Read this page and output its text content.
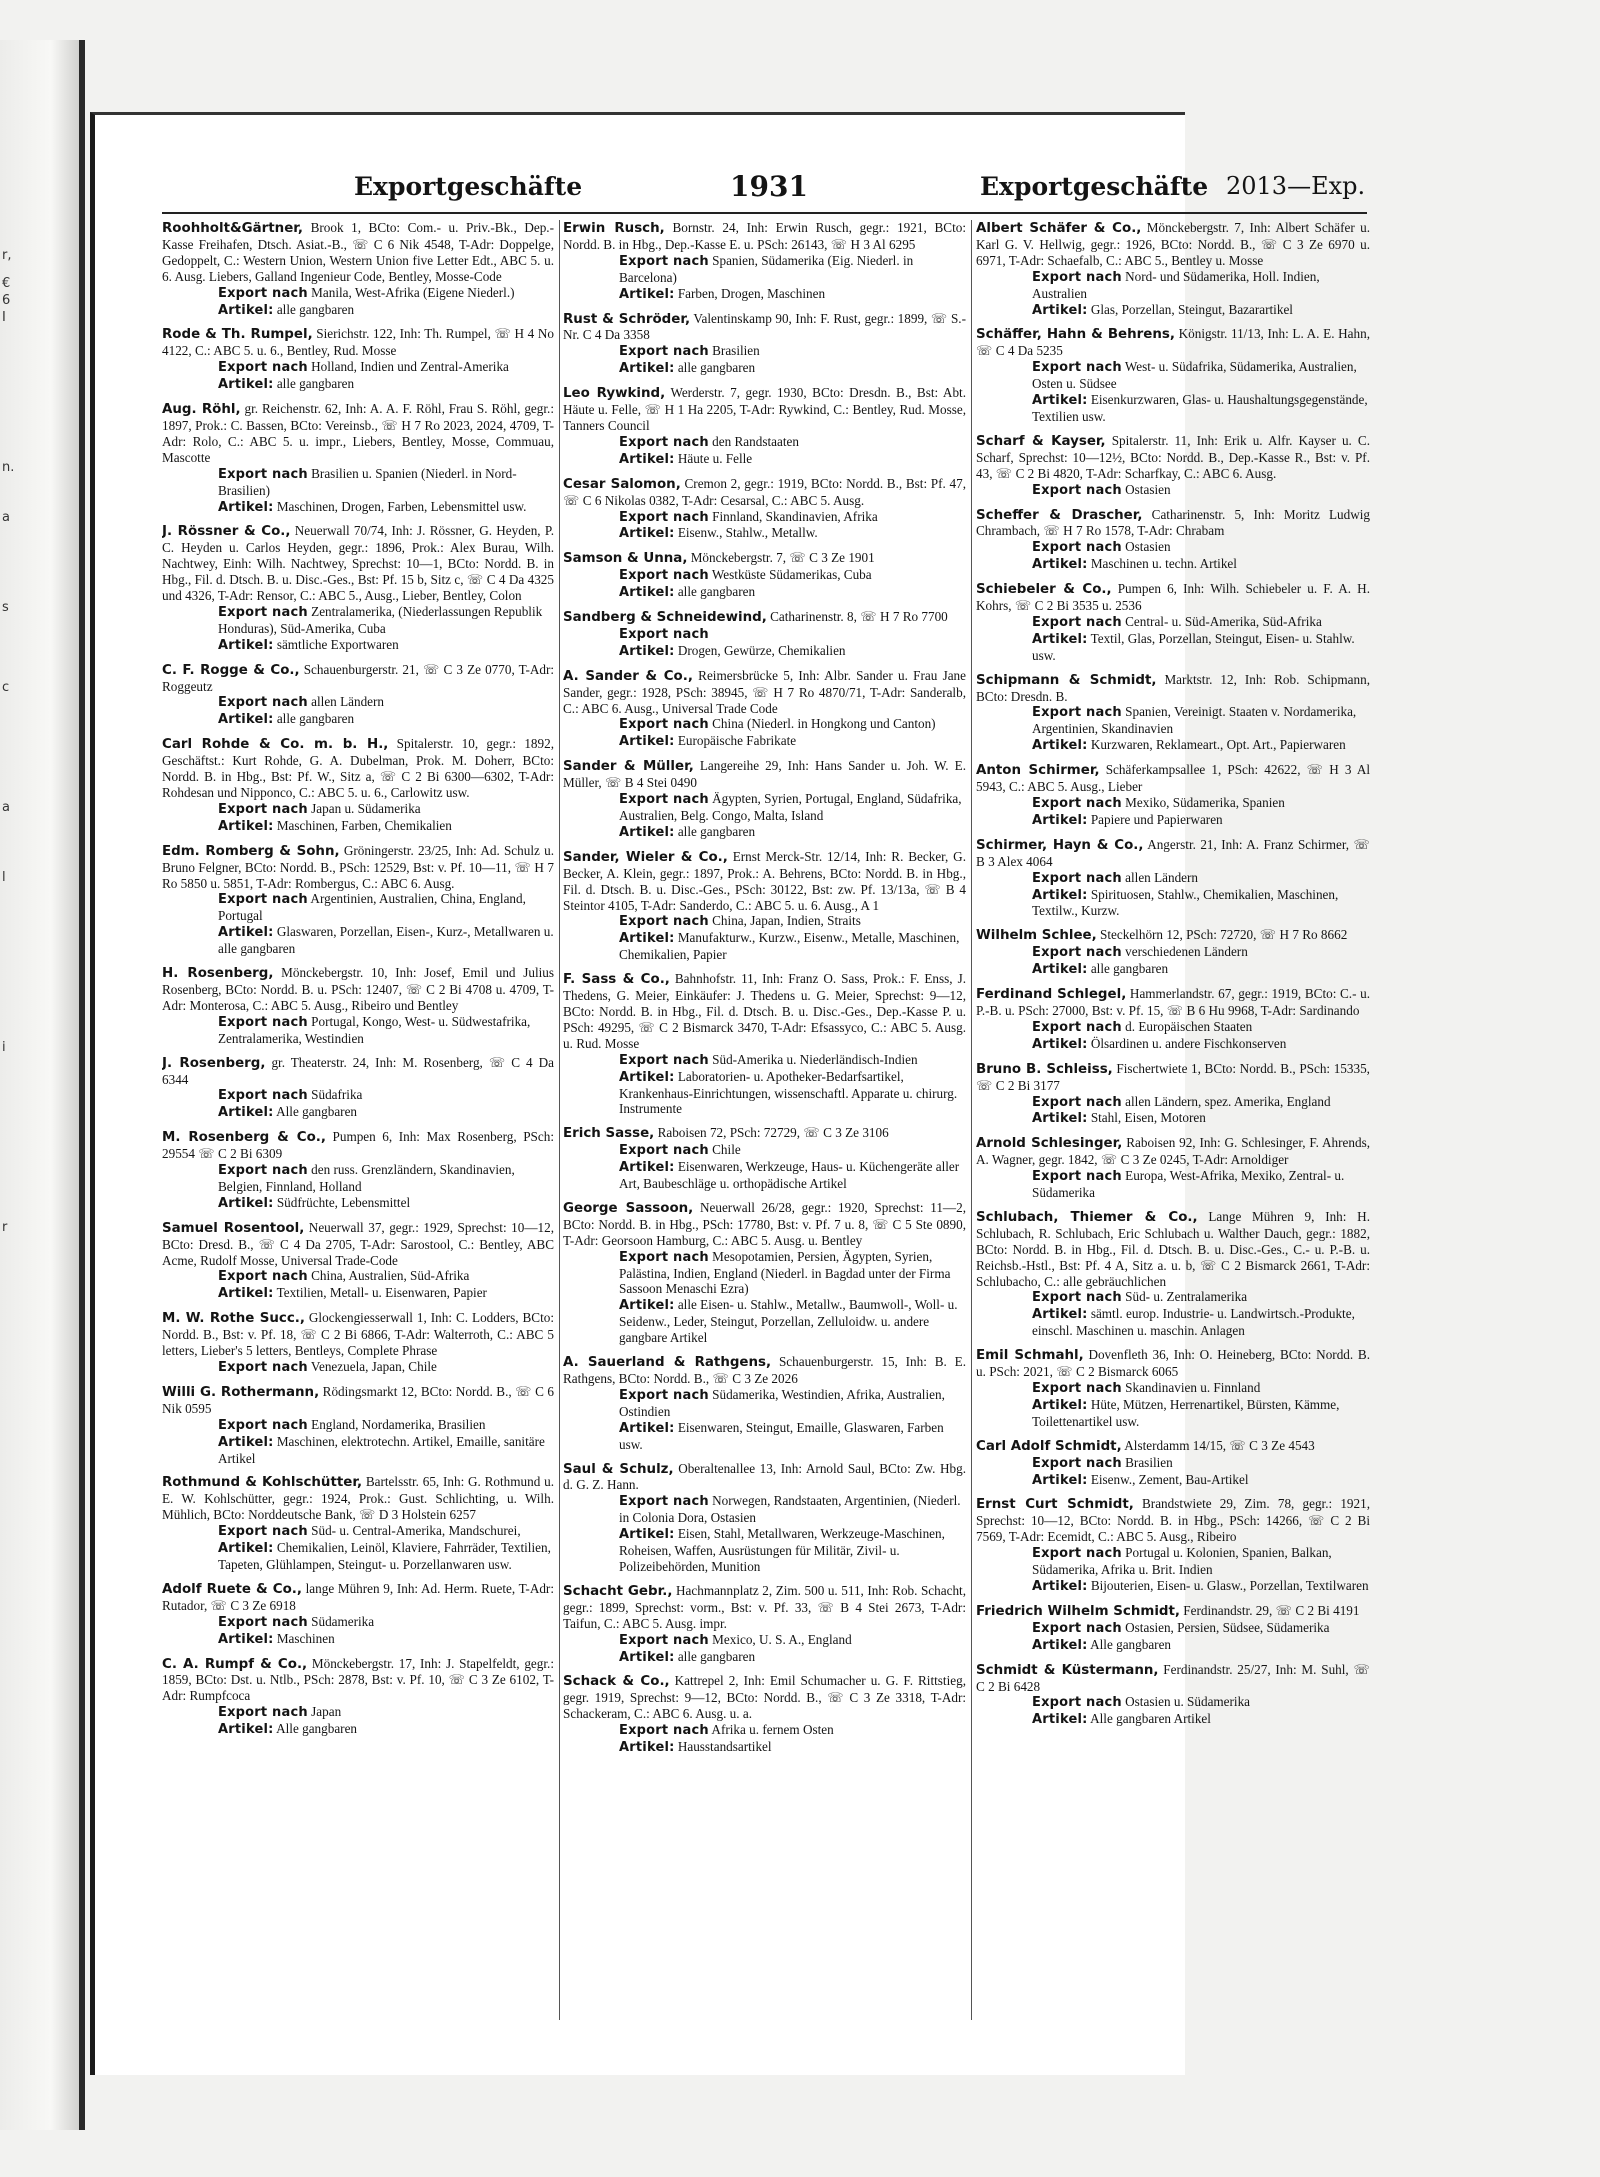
r,
€
6
I
n.
a
s
c
a
l
i
r
Exportgeschäfte	1931	Exportgeschäfte 2013—Exp.
Roohholt&Gärtner, Brook 1, BCto: Com.- u. Priv.-Bk., Dep.-Kasse Freihafen, Dtsch. Asiat.-B., ☏ C 6 Nik 4548, T-Adr: Doppelge, Gedoppelt, C.: Western Union, Western Union five Letter Edt., ABC 5. u. 6. Ausg. Liebers, Galland Ingenieur Code, Bentley, Mosse-Code
Export nach Manila, West-Afrika (Eigene Niederl.)
Artikel: alle gangbaren
Rode & Th. Rumpel, Sierichstr. 122, Inh: Th. Rumpel, ☏ H 4 No 4122, C.: ABC 5. u. 6., Bentley, Rud. Mosse
Export nach Holland, Indien und Zentral-Amerika
Artikel: alle gangbaren
Aug. Röhl, gr. Reichenstr. 62, Inh: A. A. F. Röhl, Frau S. Röhl, gegr.: 1897, Prok.: C. Bassen, BCto: Vereinsb., ☏ H 7 Ro 2023, 2024, 4709, T-Adr: Rolo, C.: ABC 5. u. impr., Liebers, Bentley, Mosse, Commuau, Mascotte
Export nach Brasilien u. Spanien (Niederl. in Nord-Brasilien)
Artikel: Maschinen, Drogen, Farben, Lebensmittel usw.
J. Rössner & Co., Neuerwall 70/74, Inh: J. Rössner, G. Heyden, P. C. Heyden u. Carlos Heyden, gegr.: 1896, Prok.: Alex Burau, Wilh. Nachtwey, Einh: Wilh. Nachtwey, Sprechst: 10—1, BCto: Nordd. B. in Hbg., Fil. d. Dtsch. B. u. Disc.-Ges., Bst: Pf. 15 b, Sitz c, ☏ C 4 Da 4325 und 4326, T-Adr: Rensor, C.: ABC 5., Ausg., Lieber, Bentley, Colon
Export nach Zentralamerika, (Niederlassungen Republik Honduras), Süd-Amerika, Cuba
Artikel: sämtliche Exportwaren
C. F. Rogge & Co., Schauenburgerstr. 21, ☏ C 3 Ze 0770, T-Adr: Roggeutz
Export nach allen Ländern
Artikel: alle gangbaren
Carl Rohde & Co. m. b. H., Spitalerstr. 10, gegr.: 1892, Geschäftst.: Kurt Rohde, G. A. Dubelman, Prok. M. Doherr, BCto: Nordd. B. in Hbg., Bst: Pf. W., Sitz a, ☏ C 2 Bi 6300—6302, T-Adr: Rohdesan und Nipponco, C.: ABC 5. u. 6., Carlowitz usw.
Export nach Japan u. Südamerika
Artikel: Maschinen, Farben, Chemikalien
Edm. Romberg & Sohn, Gröningerstr. 23/25, Inh: Ad. Schulz u. Bruno Felgner, BCto: Nordd. B., PSch: 12529, Bst: v. Pf. 10—11, ☏ H 7 Ro 5850 u. 5851, T-Adr: Rombergus, C.: ABC 6. Ausg.
Export nach Argentinien, Australien, China, England, Portugal
Artikel: Glaswaren, Porzellan, Eisen-, Kurz-, Metallwaren u. alle gangbaren
H. Rosenberg, Mönckebergstr. 10, Inh: Josef, Emil und Julius Rosenberg, BCto: Nordd. B. u. PSch: 12407, ☏ C 2 Bi 4708 u. 4709, T-Adr: Monterosa, C.: ABC 5. Ausg., Ribeiro und Bentley
Export nach Portugal, Kongo, West- u. Südwestafrika, Zentralamerika, Westindien
J. Rosenberg, gr. Theaterstr. 24, Inh: M. Rosenberg, ☏ C 4 Da 6344
Export nach Südafrika
Artikel: Alle gangbaren
M. Rosenberg & Co., Pumpen 6, Inh: Max Rosenberg, PSch: 29554 ☏ C 2 Bi 6309
Export nach den russ. Grenzländern, Skandinavien, Belgien, Finnland, Holland
Artikel: Südfrüchte, Lebensmittel
Samuel Rosentool, Neuerwall 37, gegr.: 1929, Sprechst: 10—12, BCto: Dresd. B., ☏ C 4 Da 2705, T-Adr: Sarostool, C.: Bentley, ABC Acme, Rudolf Mosse, Universal Trade-Code
Export nach China, Australien, Süd-Afrika
Artikel: Textilien, Metall- u. Eisenwaren, Papier
M. W. Rothe Succ., Glockengiesserwall 1, Inh: C. Lodders, BCto: Nordd. B., Bst: v. Pf. 18, ☏ C 2 Bi 6866, T-Adr: Walterroth, C.: ABC 5 letters, Lieber's 5 letters, Bentleys, Complete Phrase
Export nach Venezuela, Japan, Chile
Willi G. Rothermann, Rödingsmarkt 12, BCto: Nordd. B., ☏ C 6 Nik 0595
Export nach England, Nordamerika, Brasilien
Artikel: Maschinen, elektrotechn. Artikel, Emaille, sanitäre Artikel
Rothmund & Kohlschütter, Bartelsstr. 65, Inh: G. Rothmund u. E. W. Kohlschütter, gegr.: 1924, Prok.: Gust. Schlichting, u. Wilh. Mühlich, BCto: Norddeutsche Bank, ☏ D 3 Holstein 6257
Export nach Süd- u. Central-Amerika, Mandschurei,
Artikel: Chemikalien, Leinöl, Klaviere, Fahrräder, Textilien, Tapeten, Glühlampen, Steingut- u. Porzellanwaren usw.
Adolf Ruete & Co., lange Mühren 9, Inh: Ad. Herm. Ruete, T-Adr: Rutador, ☏ C 3 Ze 6918
Export nach Südamerika
Artikel: Maschinen
C. A. Rumpf & Co., Mönckebergstr. 17, Inh: J. Stapelfeldt, gegr.: 1859, BCto: Dst. u. Ntlb., PSch: 2878, Bst: v. Pf. 10, ☏ C 3 Ze 6102, T-Adr: Rumpfcoca
Export nach Japan
Artikel: Alle gangbaren
Erwin Rusch, Bornstr. 24, Inh: Erwin Rusch, gegr.: 1921, BCto: Nordd. B. in Hbg., Dep.-Kasse E. u. PSch: 26143, ☏ H 3 Al 6295
Export nach Spanien, Südamerika (Eig. Niederl. in Barcelona)
Artikel: Farben, Drogen, Maschinen
Rust & Schröder, Valentinskamp 90, Inh: F. Rust, gegr.: 1899, ☏ S.-Nr. C 4 Da 3358
Export nach Brasilien
Artikel: alle gangbaren
Leo Rywkind, Werderstr. 7, gegr. 1930, BCto: Dresdn. B., Bst: Abt. Häute u. Felle, ☏ H 1 Ha 2205, T-Adr: Rywkind, C.: Bentley, Rud. Mosse, Tanners Council
Export nach den Randstaaten
Artikel: Häute u. Felle
Cesar Salomon, Cremon 2, gegr.: 1919, BCto: Nordd. B., Bst: Pf. 47, ☏ C 6 Nikolas 0382, T-Adr: Cesarsal, C.: ABC 5. Ausg.
Export nach Finnland, Skandinavien, Afrika
Artikel: Eisenw., Stahlw., Metallw.
Samson & Unna, Mönckebergstr. 7, ☏ C 3 Ze 1901
Export nach Westküste Südamerikas, Cuba
Artikel: alle gangbaren
Sandberg & Schneidewind, Catharinenstr. 8, ☏ H 7 Ro 7700
Export nach
Artikel: Drogen, Gewürze, Chemikalien
A. Sander & Co., Reimersbrücke 5, Inh: Albr. Sander u. Frau Jane Sander, gegr.: 1928, PSch: 38945, ☏ H 7 Ro 4870/71, T-Adr: Sanderalb, C.: ABC 6. Ausg., Universal Trade Code
Export nach China (Niederl. in Hongkong und Canton)
Artikel: Europäische Fabrikate
Sander & Müller, Langereihe 29, Inh: Hans Sander u. Joh. W. E. Müller, ☏ B 4 Stei 0490
Export nach Ägypten, Syrien, Portugal, England, Südafrika, Australien, Belg. Congo, Malta, Island
Artikel: alle gangbaren
Sander, Wieler & Co., Ernst Merck-Str. 12/14, Inh: R. Becker, G. Becker, A. Klein, gegr.: 1897, Prok.: A. Behrens, BCto: Nordd. B. in Hbg., Fil. d. Dtsch. B. u. Disc.-Ges., PSch: 30122, Bst: zw. Pf. 13/13a, ☏ B 4 Steintor 4105, T-Adr: Sanderdo, C.: ABC 5. u. 6. Ausg., A 1
Export nach China, Japan, Indien, Straits
Artikel: Manufakturw., Kurzw., Eisenw., Metalle, Maschinen, Chemikalien, Papier
F. Sass & Co., Bahnhofstr. 11, Inh: Franz O. Sass, Prok.: F. Enss, J. Thedens, G. Meier, Einkäufer: J. Thedens u. G. Meier, Sprechst: 9—12, BCto: Nordd. B. in Hbg., Fil. d. Dtsch. B. u. Disc.-Ges., Dep.-Kasse P. u. PSch: 49295, ☏ C 2 Bismarck 3470, T-Adr: Efsassyco, C.: ABC 5. Ausg. u. Rud. Mosse
Export nach Süd-Amerika u. Niederländisch-Indien
Artikel: Laboratorien- u. Apotheker-Bedarfsartikel, Krankenhaus-Einrichtungen, wissenschaftl. Apparate u. chirurg. Instrumente
Erich Sasse, Raboisen 72, PSch: 72729, ☏ C 3 Ze 3106
Export nach Chile
Artikel: Eisenwaren, Werkzeuge, Haus- u. Küchengeräte aller Art, Baubeschläge u. orthopädische Artikel
George Sassoon, Neuerwall 26/28, gegr.: 1920, Sprechst: 11—2, BCto: Nordd. B. in Hbg., PSch: 17780, Bst: v. Pf. 7 u. 8, ☏ C 5 Ste 0890, T-Adr: Georsoon Hamburg, C.: ABC 5. Ausg. u. Bentley
Export nach Mesopotamien, Persien, Ägypten, Syrien, Palästina, Indien, England (Niederl. in Bagdad unter der Firma Sassoon Menaschi Ezra)
Artikel: alle Eisen- u. Stahlw., Metallw., Baumwoll-, Woll- u. Seidenw., Leder, Steingut, Porzellan, Zelluloidw. u. andere gangbare Artikel
A. Sauerland & Rathgens, Schauenburgerstr. 15, Inh: B. E. Rathgens, BCto: Nordd. B., ☏ C 3 Ze 2026
Export nach Südamerika, Westindien, Afrika, Australien, Ostindien
Artikel: Eisenwaren, Steingut, Emaille, Glaswaren, Farben usw.
Saul & Schulz, Oberaltenallee 13, Inh: Arnold Saul, BCto: Zw. Hbg. d. G. Z. Hann.
Export nach Norwegen, Randstaaten, Argentinien, (Niederl. in Colonia Dora, Ostasien
Artikel: Eisen, Stahl, Metallwaren, Werkzeuge-Maschinen, Roheisen, Waffen, Ausrüstungen für Militär, Zivil- u. Polizeibehörden, Munition
Schacht Gebr., Hachmannplatz 2, Zim. 500 u. 511, Inh: Rob. Schacht, gegr.: 1899, Sprechst: vorm., Bst: v. Pf. 33, ☏ B 4 Stei 2673, T-Adr: Taifun, C.: ABC 5. Ausg. impr.
Export nach Mexico, U. S. A., England
Artikel: alle gangbaren
Schack & Co., Kattrepel 2, Inh: Emil Schumacher u. G. F. Rittstieg, gegr. 1919, Sprechst: 9—12, BCto: Nordd. B., ☏ C 3 Ze 3318, T-Adr: Schackeram, C.: ABC 6. Ausg. u. a.
Export nach Afrika u. fernem Osten
Artikel: Hausstandsartikel
Albert Schäfer & Co., Mönckebergstr. 7, Inh: Albert Schäfer u. Karl G. V. Hellwig, gegr.: 1926, BCto: Nordd. B., ☏ C 3 Ze 6970 u. 6971, T-Adr: Schaefalb, C.: ABC 5., Bentley u. Mosse
Export nach Nord- und Südamerika, Holl. Indien, Australien
Artikel: Glas, Porzellan, Steingut, Bazarartikel
Schäffer, Hahn & Behrens, Königstr. 11/13, Inh: L. A. E. Hahn, ☏ C 4 Da 5235
Export nach West- u. Südafrika, Südamerika, Australien, Osten u. Südsee
Artikel: Eisenkurzwaren, Glas- u. Haushaltungsgegenstände, Textilien usw.
Scharf & Kayser, Spitalerstr. 11, Inh: Erik u. Alfr. Kayser u. C. Scharf, Sprechst: 10—12½, BCto: Nordd. B., Dep.-Kasse R., Bst: v. Pf. 43, ☏ C 2 Bi 4820, T-Adr: Scharfkay, C.: ABC 6. Ausg.
Export nach Ostasien
Scheffer & Drascher, Catharinenstr. 5, Inh: Moritz Ludwig Chrambach, ☏ H 7 Ro 1578, T-Adr: Chrabam
Export nach Ostasien
Artikel: Maschinen u. techn. Artikel
Schiebeler & Co., Pumpen 6, Inh: Wilh. Schiebeler u. F. A. H. Kohrs, ☏ C 2 Bi 3535 u. 2536
Export nach Central- u. Süd-Amerika, Süd-Afrika
Artikel: Textil, Glas, Porzellan, Steingut, Eisen- u. Stahlw. usw.
Schipmann & Schmidt, Marktstr. 12, Inh: Rob. Schipmann, BCto: Dresdn. B.
Export nach Spanien, Vereinigt. Staaten v. Nordamerika, Argentinien, Skandinavien
Artikel: Kurzwaren, Reklameart., Opt. Art., Papierwaren
Anton Schirmer, Schäferkampsallee 1, PSch: 42622, ☏ H 3 Al 5943, C.: ABC 5. Ausg., Lieber
Export nach Mexiko, Südamerika, Spanien
Artikel: Papiere und Papierwaren
Schirmer, Hayn & Co., Angerstr. 21, Inh: A. Franz Schirmer, ☏ B 3 Alex 4064
Export nach allen Ländern
Artikel: Spirituosen, Stahlw., Chemikalien, Maschinen, Textilw., Kurzw.
Wilhelm Schlee, Steckelhörn 12, PSch: 72720, ☏ H 7 Ro 8662
Export nach verschiedenen Ländern
Artikel: alle gangbaren
Ferdinand Schlegel, Hammerlandstr. 67, gegr.: 1919, BCto: C.- u. P.-B. u. PSch: 27000, Bst: v. Pf. 15, ☏ B 6 Hu 9968, T-Adr: Sardinando
Export nach d. Europäischen Staaten
Artikel: Ölsardinen u. andere Fischkonserven
Bruno B. Schleiss, Fischertwiete 1, BCto: Nordd. B., PSch: 15335, ☏ C 2 Bi 3177
Export nach allen Ländern, spez. Amerika, England
Artikel: Stahl, Eisen, Motoren
Arnold Schlesinger, Raboisen 92, Inh: G. Schlesinger, F. Ahrends, A. Wagner, gegr. 1842, ☏ C 3 Ze 0245, T-Adr: Arnoldiger
Export nach Europa, West-Afrika, Mexiko, Zentral- u. Südamerika
Schlubach, Thiemer & Co., Lange Mühren 9, Inh: H. Schlubach, R. Schlubach, Eric Schlubach u. Walther Dauch, gegr.: 1882, BCto: Nordd. B. in Hbg., Fil. d. Dtsch. B. u. Disc.-Ges., C.- u. P.-B. u. Reichsb.-Hstl., Bst: Pf. 4 A, Sitz a. u. b, ☏ C 2 Bismarck 2661, T-Adr: Schlubacho, C.: alle gebräuchlichen
Export nach Süd- u. Zentralamerika
Artikel: sämtl. europ. Industrie- u. Landwirtsch.-Produkte, einschl. Maschinen u. maschin. Anlagen
Emil Schmahl, Dovenfleth 36, Inh: O. Heineberg, BCto: Nordd. B. u. PSch: 2021, ☏ C 2 Bismarck 6065
Export nach Skandinavien u. Finnland
Artikel: Hüte, Mützen, Herrenartikel, Bürsten, Kämme, Toilettenartikel usw.
Carl Adolf Schmidt, Alsterdamm 14/15, ☏ C 3 Ze 4543
Export nach Brasilien
Artikel: Eisenw., Zement, Bau-Artikel
Ernst Curt Schmidt, Brandstwiete 29, Zim. 78, gegr.: 1921, Sprechst: 10—12, BCto: Nordd. B. in Hbg., PSch: 14266, ☏ C 2 Bi 7569, T-Adr: Ecemidt, C.: ABC 5. Ausg., Ribeiro
Export nach Portugal u. Kolonien, Spanien, Balkan, Südamerika, Afrika u. Brit. Indien
Artikel: Bijouterien, Eisen- u. Glasw., Porzellan, Textilwaren
Friedrich Wilhelm Schmidt, Ferdinandstr. 29, ☏ C 2 Bi 4191
Export nach Ostasien, Persien, Südsee, Südamerika
Artikel: Alle gangbaren
Schmidt & Küstermann, Ferdinandstr. 25/27, Inh: M. Suhl, ☏ C 2 Bi 6428
Export nach Ostasien u. Südamerika
Artikel: Alle gangbaren Artikel
